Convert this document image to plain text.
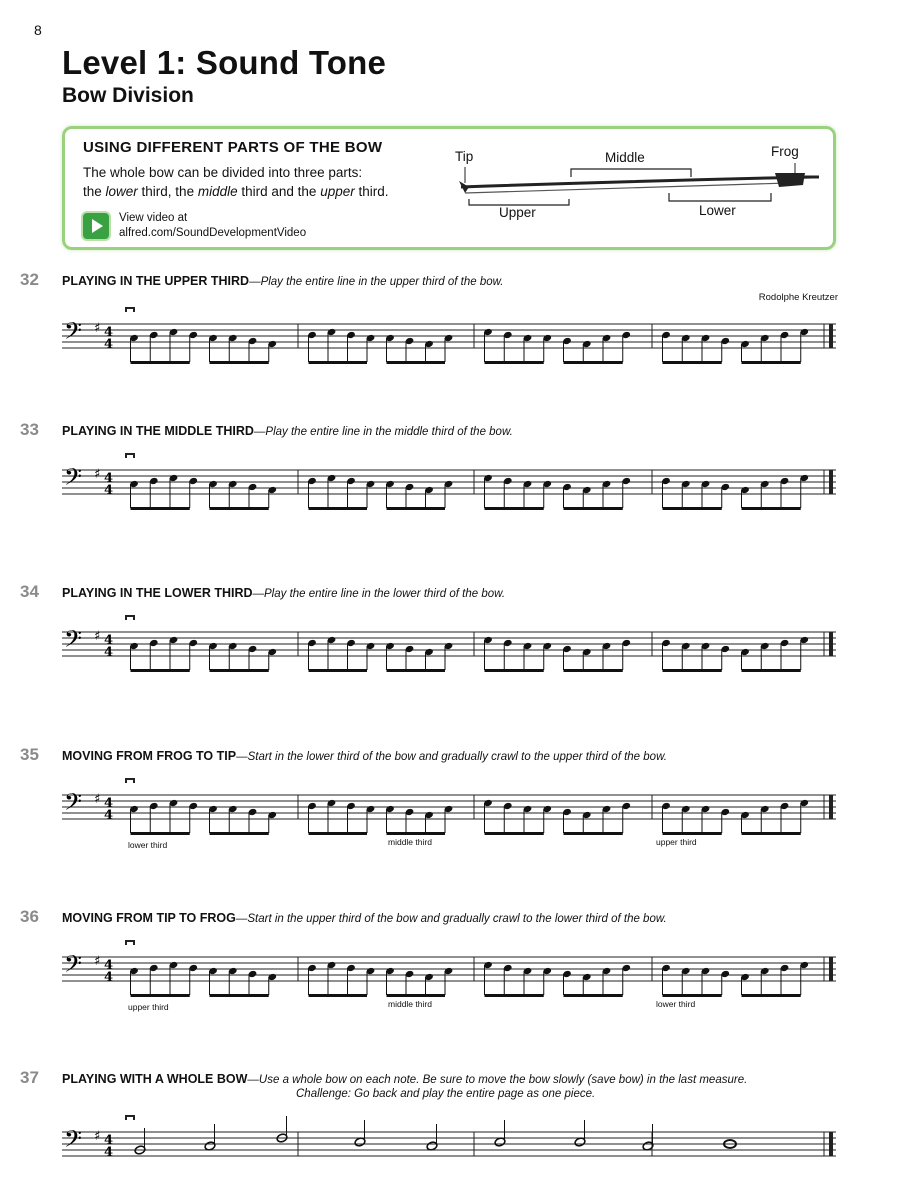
8
Level 1: Sound Tone
Bow Division
USING DIFFERENT PARTS OF THE BOW
The whole bow can be divided into three parts:
the lower third, the middle third and the upper third.
View video at
alfred.com/SoundDevelopmentVideo
Tip	Middle	Frog
Upper	Lower
32 PLAYING IN THE UPPER THIRD—Play the entire line in the upper third of the bow.
Rodolphe Kreutzer
𝄢 ♯ 4
4
33 PLAYING IN THE MIDDLE THIRD—Play the entire line in the middle third of the bow.
𝄢 ♯ 4
4
34 PLAYING IN THE LOWER THIRD—Play the entire line in the lower third of the bow.
𝄢 ♯ 4
4
35 MOVING FROM FROG TO TIP—Start in the lower third of the bow and gradually crawl to the upper third of the bow.
𝄢 ♯ 4
4
lower third	middle third	upper third
36 MOVING FROM TIP TO FROG—Start in the upper third of the bow and gradually crawl to the lower third of the bow.
𝄢 ♯ 4
4
upper third	middle third	lower third
37 PLAYING WITH A WHOLE BOW—Use a whole bow on each note. Be sure to move the bow slowly (save bow) in the last measure.
Challenge: Go back and play the entire page as one piece.
𝄢 ♯ 4
4
